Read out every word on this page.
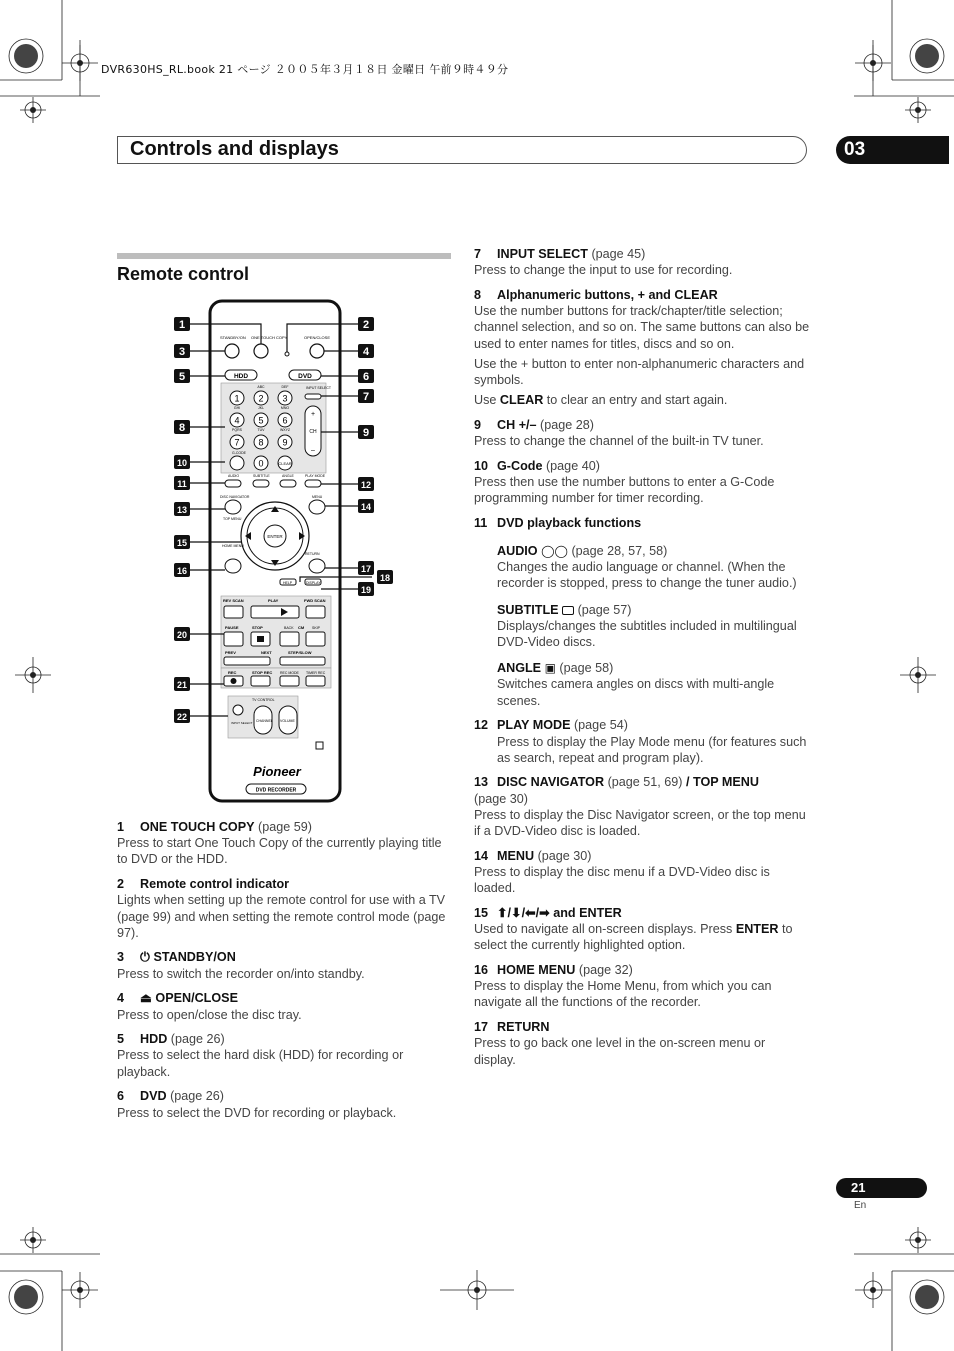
DVR630HS_RL.book 21 ページ ２００５年３月１８日 金曜日 午前９時４９分
Controls and displays	03
Remote control
STANDBY/ON ONE TOUCH COPY	OPEN/CLOSE
HDD	DVD
1 2 3
4 5 6
7 8 9
0
ABC	DEF
GHI	JKL	MNO
PQRS	TUV	WXYZ
G-CODE
CLEAR
INPUT SELECT
CH
+
–
AUDIO	SUBTITLE	ANGLE	PLAY MODE
DISC NAVIGATOR
TOP MENU
MENU
ENTER
HOME MENU
RETURN
HELP	DISPLAY
REV SCAN	PLAY	FWD SCAN
PAUSE	STOP	BACK CM SKIP
PREV	NEXT	STEP/SLOW
REC	STOP REC REC MODE TIMER REC
TV CONTROL
INPUT SELECT CHANNEL VOLUME
Pioneer
DVD RECORDER
1	2
3	4
5	6
7
8	9
10
11	12
13	14
15
16	17
18
19
20
21
22
1 ONE TOUCH COPY (page 59)
Press to start One Touch Copy of the currently playing title to DVD or the HDD.
2 Remote control indicator
Lights when setting up the remote control for use with a TV (page 99) and when setting the remote control mode (page 97).
3 ⏻ STANDBY/ON
Press to switch the recorder on/into standby.
4 ⏏ OPEN/CLOSE
Press to open/close the disc tray.
5 HDD (page 26)
Press to select the hard disk (HDD) for recording or playback.
6 DVD (page 26)
Press to select the DVD for recording or playback.
7 INPUT SELECT (page 45)
Press to change the input to use for recording.
8 Alphanumeric buttons, + and CLEAR
Use the number buttons for track/chapter/title selection; channel selection, and so on. The same buttons can also be used to enter names for titles, discs and so on.
Use the + button to enter non-alphanumeric characters and symbols.
Use CLEAR to clear an entry and start again.
9 CH +/– (page 28)
Press to change the channel of the built-in TV tuner.
10 G-Code (page 40)
Press then use the number buttons to enter a G-Code programming number for timer recording.
11 DVD playback functions
AUDIO ◯◯ (page 28, 57, 58)
Changes the audio language or channel. (When the recorder is stopped, press to change the tuner audio.)
SUBTITLE (page 57)
Displays/changes the subtitles included in multilingual DVD-Video discs.
ANGLE ▣ (page 58)
Switches camera angles on discs with multi-angle scenes.
12 PLAY MODE (page 54)
Press to display the Play Mode menu (for features such as search, repeat and program play).
13 DISC NAVIGATOR (page 51, 69) / TOP MENU
(page 30)
Press to display the Disc Navigator screen, or the top menu if a DVD-Video disc is loaded.
14 MENU (page 30)
Press to display the disc menu if a DVD-Video disc is loaded.
15 ⬆/⬇/⬅/➡ and ENTER
Used to navigate all on-screen displays. Press ENTER to select the currently highlighted option.
16 HOME MENU (page 32)
Press to display the Home Menu, from which you can navigate all the functions of the recorder.
17 RETURN
Press to go back one level in the on-screen menu or display.
21
En
